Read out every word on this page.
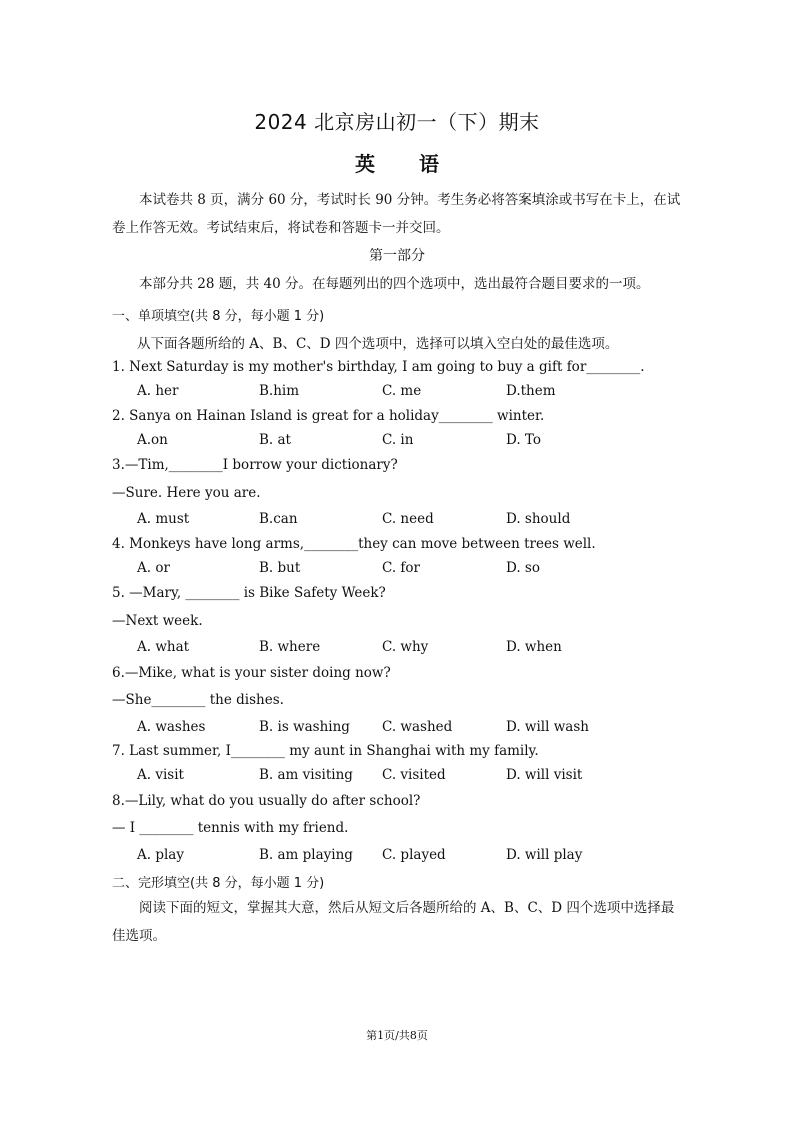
2024 北京房山初一（下）期末
英 语
本试卷共 8 页，满分 60 分，考试时长 90 分钟。考生务必将答案填涂或书写在卡上，在试卷上作答无效。考试结束后，将试卷和答题卡一并交回。
第一部分
本部分共 28 题，共 40 分。在每题列出的四个选项中，选出最符合题目要求的一项。
一、单项填空(共 8 分，每小题 1 分)
从下面各题所给的 A、B、C、D 四个选项中，选择可以填入空白处的最佳选项。
1. Next Saturday is my mother's birthday, I am going to buy a gift for________.
A. her	B.him	C. me	D.them
2. Sanya on Hainan Island is great for a holiday________ winter.
A.on	B. at	C. in	D. To
3.—Tim,________I borrow your dictionary?
—Sure. Here you are.
A. must	B.can	C. need	D. should
4. Monkeys have long arms,________they can move between trees well.
A. or	B. but	C. for	D. so
5. —Mary, ________ is Bike Safety Week?
—Next week.
A. what	B. where	C. why	D. when
6.—Mike, what is your sister doing now?
—She________ the dishes.
A. washes	B. is washing C. washed	D. will wash
7. Last summer, I________ my aunt in Shanghai with my family.
A. visit	B. am visiting C. visited	D. will visit
8.—Lily, what do you usually do after school?
— I ________ tennis with my friend.
A. play	B. am playing C. played	D. will play
二、完形填空(共 8 分，每小题 1 分)
阅读下面的短文，掌握其大意，然后从短文后各题所给的 A、B、C、D 四个选项中选择最佳选项。
第1页/共8页
